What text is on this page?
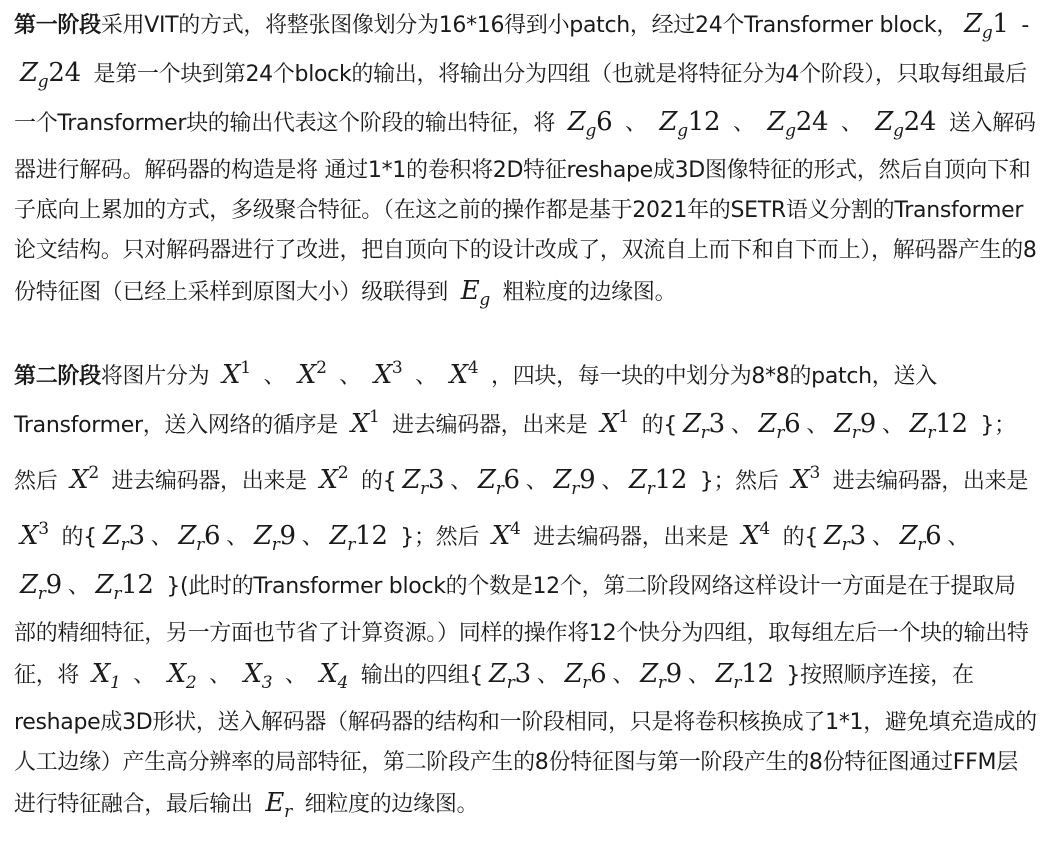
第一阶段采用VIT的方式，将整张图像划分为16*16得到小patch，经过24个Transformer block， $Z_g1 - Z_g24$ 是第一个块到第24个block的输出，将输出分为四组（也就是将特征分为4个阶段），只取每组最后一个Transformer块的输出代表这个阶段的输出特征，将 $Z_g6$ 、 $Z_g12$ 、 $Z_g24$ 、 $Z_g24$ 送入解码器进行解码。解码器的构造是将 通过1*1的卷积将2D特征reshape成3D图像特征的形式，然后自顶向下和子底向上累加的方式，多级聚合特征。（在这之前的操作都是基于2021年的SETR语义分割的Transformer论文结构。只对解码器进行了改进，把自顶向下的设计改成了，双流自上而下和自下而上），解码器产生的8份特征图（已经上采样到原图大小）级联得到 $E_g$ 粗粒度的边缘图。

第二阶段将图片分为 $X^1$ 、 $X^2$ 、 $X^3$ 、 $X^4$ ，四块，每一块的中划分为8*8的patch，送入Transformer，送入网络的循序是 $X^1$ 进去编码器，出来是 $X^1$ 的{ $Z_r3$ 、 $Z_r6$ 、 $Z_r9$ 、 $Z_r12$ }；然后 $X^2$ 进去编码器，出来是 $X^2$ 的{ $Z_r3$ 、 $Z_r6$ 、 $Z_r9$ 、 $Z_r12$ }；然后 $X^3$ 进去编码器，出来是 $X^3$ 的{ $Z_r3$ 、 $Z_r6$ 、 $Z_r9$ 、 $Z_r12$ }；然后 $X^4$ 进去编码器，出来是 $X^4$ 的{ $Z_r3$ 、 $Z_r6$ 、$Z_r9$ 、 $Z_r12$ }(此时的Transformer block的个数是12个，第二阶段网络这样设计一方面是在于提取局部的精细特征，另一方面也节省了计算资源。）同样的操作将12个快分为四组，取每组左后一个块的输出特征，将 $X_1$ 、 $X_2$ 、 $X_3$ 、 $X_4$ 输出的四组{ $Z_r3$ 、 $Z_r6$ 、 $Z_r9$ 、 $Z_r12$ }按照顺序连接，在reshape成3D形状，送入解码器（解码器的结构和一阶段相同，只是将卷积核换成了1*1，避免填充造成的人工边缘）产生高分辨率的局部特征，第二阶段产生的8份特征图与第一阶段产生的8份特征图通过FFM层进行特征融合，最后输出 $E_r$ 细粒度的边缘图。
